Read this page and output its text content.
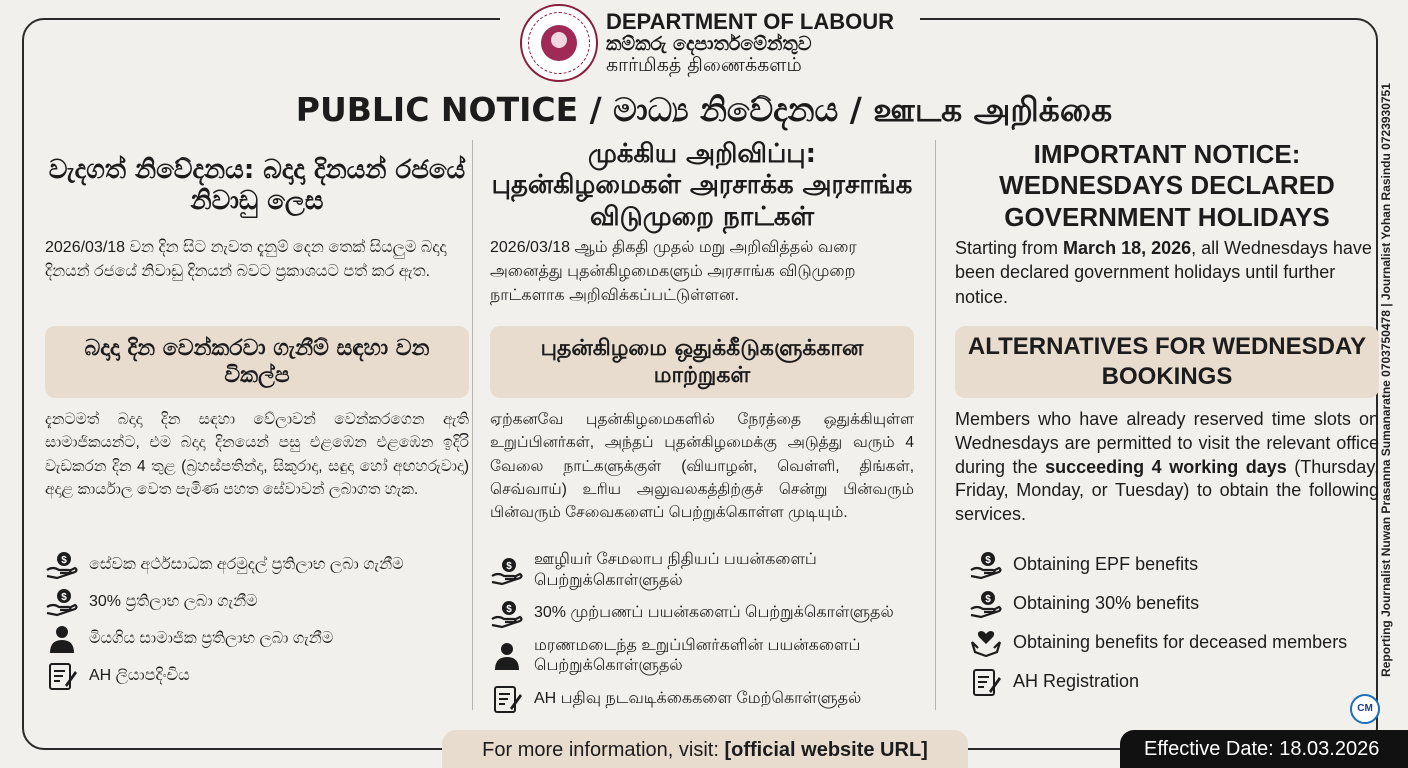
DEPARTMENT OF LABOUR
කම්කරු දෙපාර්තමේන්තුව
கார்மிகத் திணைக்களம்
PUBLIC NOTICE / මාධ්‍ය නිවේදනය / ஊடக அறிக்கை
වැදගත් නිවේදනය: බදාදා දිනයන් රජයේ නිවාඩු ලෙස
2026/03/18 වන දින සිට නැවත දැනුම් දෙන තෙක් සියලුම බදාදා දිනයන් රජයේ නිවාඩු දිනයන් බවට ප්‍රකාශයට පත් කර ඇත.
බදාදා දින වෙන්කරවා ගැනීම් සඳහා වන විකල්ප
දැනටමත් බදාදා දින සඳහා වේලාවන් වෙන්කරගෙන ඇති සාමාජිකයන්ට, එම බදාදා දිනයෙන් පසු එළඹෙන එළඹෙන ඉදිරි වැඩකරන දින 4 තුළ (බ්‍රහස්පතින්දා, සිකුරාදා, සඳුදා හෝ අඟහරුවාදා) අදාළ කාර්යාල වෙත පැමිණ පහත සේවාවන් ලබාගත හැක.
$ සේවක අර්ථසාධක අරමුදල් ප්‍රතිලාභ ලබා ගැනීම
$ 30% ප්‍රතිලාභ ලබා ගැනීම
මියගිය සාමාජික ප්‍රතිලාභ ලබා ගැනීම
AH ලියාපදිංචිය
முக்கிய அறிவிப்பு: புதன்கிழமைகள் அரசாக்க அரசாங்க விடுமுறை நாட்கள்
2026/03/18 ஆம் திகதி முதல் மறு அறிவித்தல் வரை அனைத்து புதன்கிழமைகளும் அரசாங்க விடுமுறை நாட்களாக அறிவிக்கப்பட்டுள்ளன.
புதன்கிழமை ஒதுக்கீடுகளுக்கான மாற்றுகள்
ஏற்கனவே புதன்கிழமைகளில் நேரத்தை ஒதுக்கியுள்ள உறுப்பினர்கள், அந்தப் புதன்கிழமைக்கு அடுத்து வரும் 4 வேலை நாட்களுக்குள் (வியாழன், வெள்ளி, திங்கள், செவ்வாய்) உரிய அலுவலகத்திற்குச் சென்று பின்வரும் பின்வரும் சேவைகளைப் பெற்றுக்கொள்ள முடியும்.
$ ஊழியர் சேமலாப நிதியப் பயன்களைப் பெற்றுக்கொள்ளுதல்
$ 30% முற்பணப் பயன்களைப் பெற்றுக்கொள்ளுதல்
மரணமடைந்த உறுப்பினர்களின் பயன்களைப் பெற்றுக்கொள்ளுதல்
AH பதிவு நடவடிக்கைகளை மேற்கொள்ளுதல்
IMPORTANT NOTICE: WEDNESDAYS DECLARED GOVERNMENT HOLIDAYS
Starting from March 18, 2026, all Wednesdays have been declared government holidays until further notice.
ALTERNATIVES FOR WEDNESDAY BOOKINGS
Members who have already reserved time slots on Wednesdays are permitted to visit the relevant office during the succeeding 4 working days (Thursday, Friday, Monday, or Tuesday) to obtain the following services.
$ Obtaining EPF benefits
$ Obtaining 30% benefits
Obtaining benefits for deceased members
AH Registration
For more information, visit: [official website URL]	Effective Date: 18.03.2026
Reporting Journalist Nuwan Prasanna Sumanaratne 0703750478 | Journalist Yohan Rasindu 0723930751
CM
